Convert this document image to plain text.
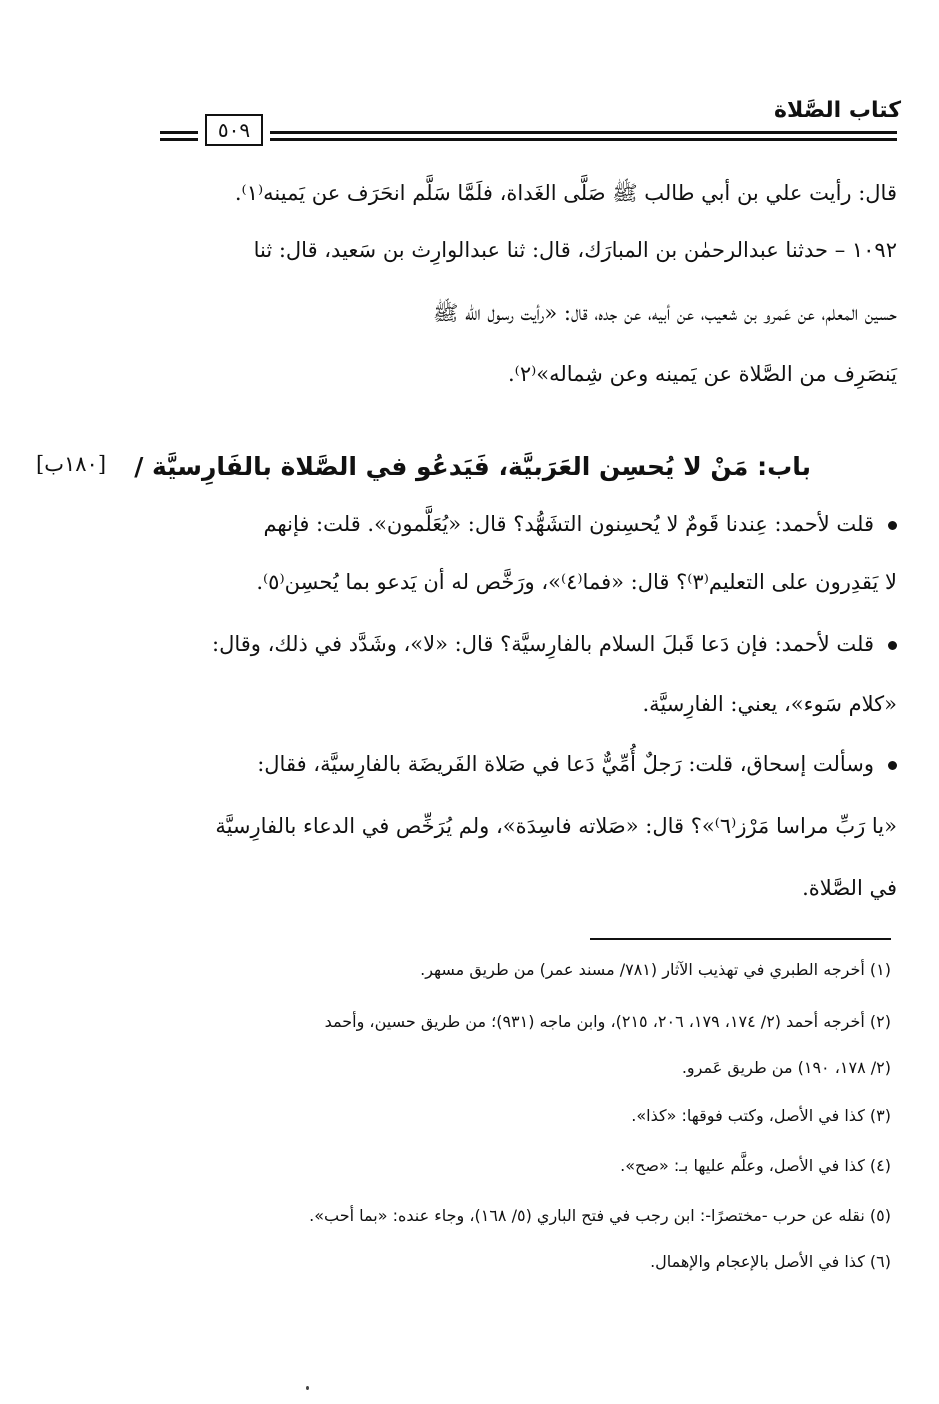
كتاب الصَّلاة
٥٠٩
قال: رأيت علي بن أبي طالب ﷺ صَلَّى الغَداة، فلَمَّا سَلَّم انحَرَف عن يَمينه⁽١⁾.
١٠٩٢ – حدثنا عبدالرحمٰن بن المبارَك، قال: ثنا عبدالوارِث بن سَعيد، قال: ثنا
حسين المعلم، عن عَمرو بن شعيب، عن أبيه، عن جده، قال: «رأيت رسول الله ﷺ
يَنصَرِف من الصَّلاة عن يَمينه وعن شِماله»⁽٢⁾.
باب: مَنْ لا يُحسِن العَرَبيَّة، فَيَدعُو في الصَّلاة بالفَارِسيَّة /
[١٨٠ب]
قلت لأحمد: عِندنا قَومٌ لا يُحسِنون التشَهُّد؟ قال: «يُعَلَّمون». قلت: فإنهم
لا يَقدِرون على التعليم⁽٣⁾؟ قال: «فما⁽٤⁾»، ورَخَّص له أن يَدعو بما يُحسِن⁽٥⁾.
قلت لأحمد: فإن دَعا قَبلَ السلام بالفارِسيَّة؟ قال: «لا»، وشَدَّد في ذلك، وقال:
«كلام سَوء»، يعني: الفارِسيَّة.
وسألت إسحاق، قلت: رَجلٌ أُمِّيٌّ دَعا في صَلاة الفَريضَة بالفارِسيَّة، فقال:
«يا رَبِّ مراسا مَرْز⁽٦⁾»؟ قال: «صَلاته فاسِدَة»، ولم يُرَخِّص في الدعاء بالفارِسيَّة
في الصَّلاة.
(١) أخرجه الطبري في تهذيب الآثار (٧٨١/ مسند عمر) من طريق مسهر.
(٢) أخرجه أحمد (٢/ ١٧٤، ١٧٩، ٢٠٦، ٢١٥)، وابن ماجه (٩٣١)؛ من طريق حسين، وأحمد
(٢/ ١٧٨، ١٩٠) من طريق عَمرو.
(٣) كذا في الأصل، وكتب فوقها: «كذا».
(٤) كذا في الأصل، وعلَّم عليها بـ: «صح».
(٥) نقله عن حرب -مختصرًا-: ابن رجب في فتح الباري (٥/ ١٦٨)، وجاء عنده: «بما أحب».
(٦) كذا في الأصل بالإعجام والإهمال.
